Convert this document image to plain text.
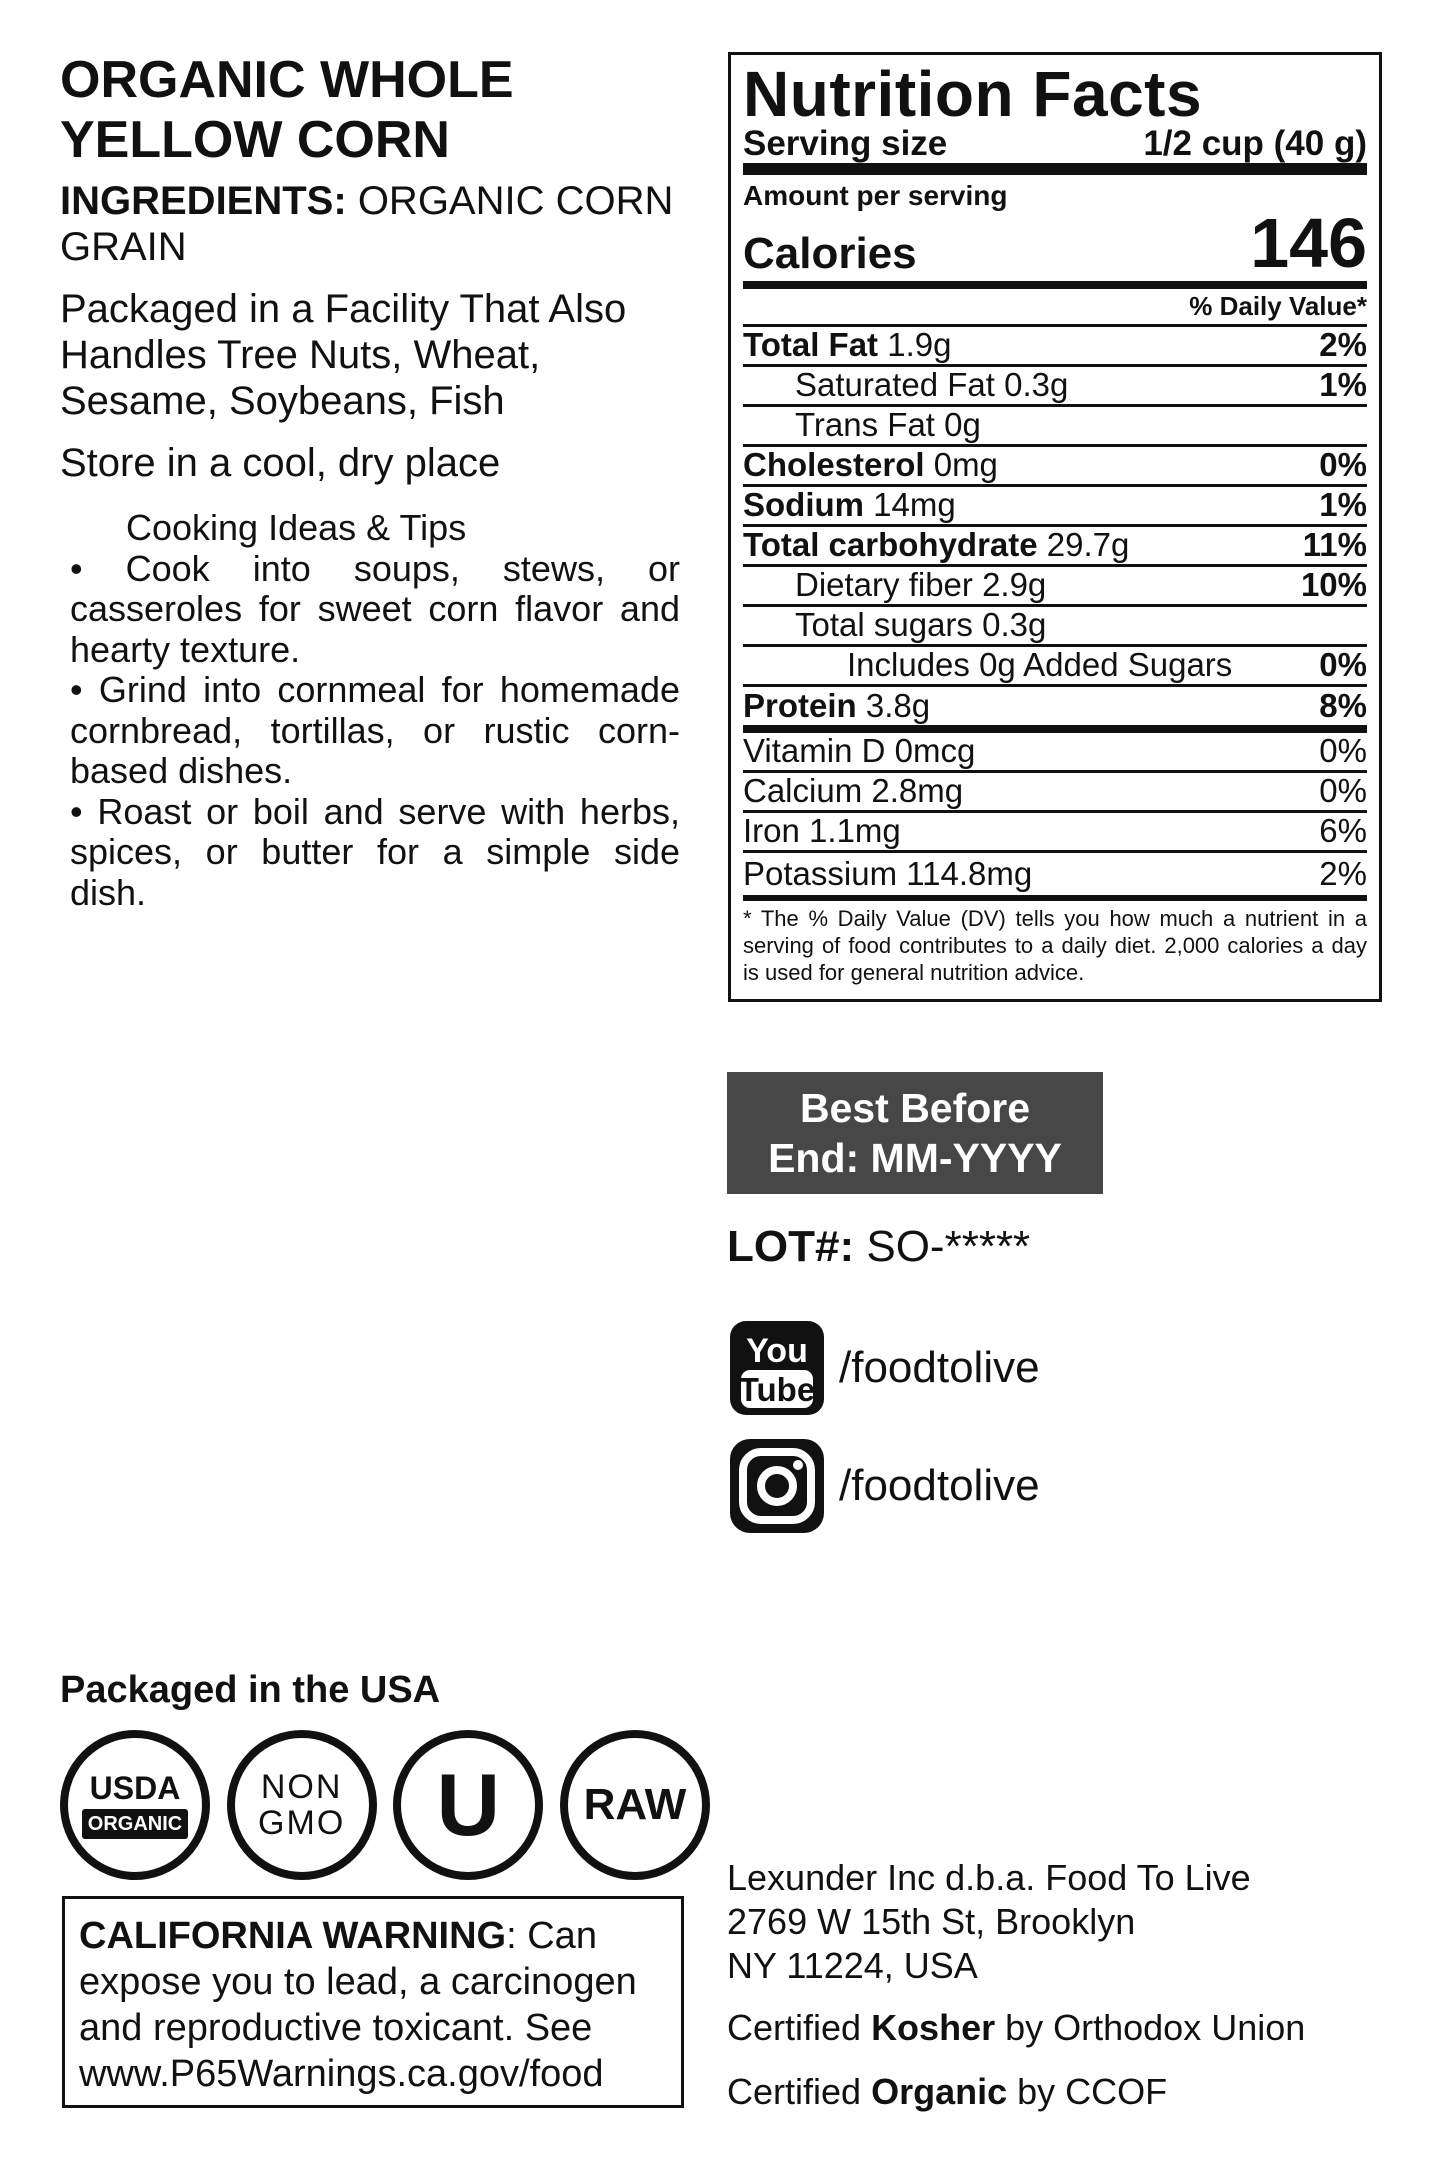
ORGANIC WHOLE
YELLOW CORN
INGREDIENTS: ORGANIC CORN GRAIN
Packaged in a Facility That Also Handles Tree Nuts, Wheat, Sesame, Soybeans, Fish
Store in a cool, dry place
Cooking Ideas & Tips
• Cook into soups, stews, or casseroles for sweet corn flavor and hearty texture.
• Grind into cornmeal for homemade cornbread, tortillas, or rustic corn-based dishes.
• Roast or boil and serve with herbs, spices, or butter for a simple side dish.
Nutrition Facts
Serving size	1/2 cup (40 g)
Amount per serving
Calories	146
% Daily Value*
Total Fat 1.9g	2%
Saturated Fat 0.3g	1%
Trans Fat 0g
Cholesterol 0mg	0%
Sodium 14mg	1%
Total carbohydrate 29.7g	11%
Dietary fiber 2.9g	10%
Total sugars 0.3g
Includes 0g Added Sugars	0%
Protein 3.8g	8%
Vitamin D 0mcg	0%
Calcium 2.8mg	0%
Iron 1.1mg	6%
Potassium 114.8mg	2%
* The % Daily Value (DV) tells you how much a nutrient in a serving of food contributes to a daily diet. 2,000 calories a day is used for general nutrition advice.
Best Before
End: MM-YYYY
LOT#: SO-*****
You
Tube /foodtolive
/foodtolive
Packaged in the USA
USDA
ORGANIC
NON
GMO U RAW
CALIFORNIA WARNING: Can expose you to lead, a carcinogen and reproductive toxicant. See www.P65Warnings.ca.gov/food
Lexunder Inc d.b.a. Food To Live
2769 W 15th St, Brooklyn
NY 11224, USA
Certified Kosher by Orthodox Union
Certified Organic by CCOF
